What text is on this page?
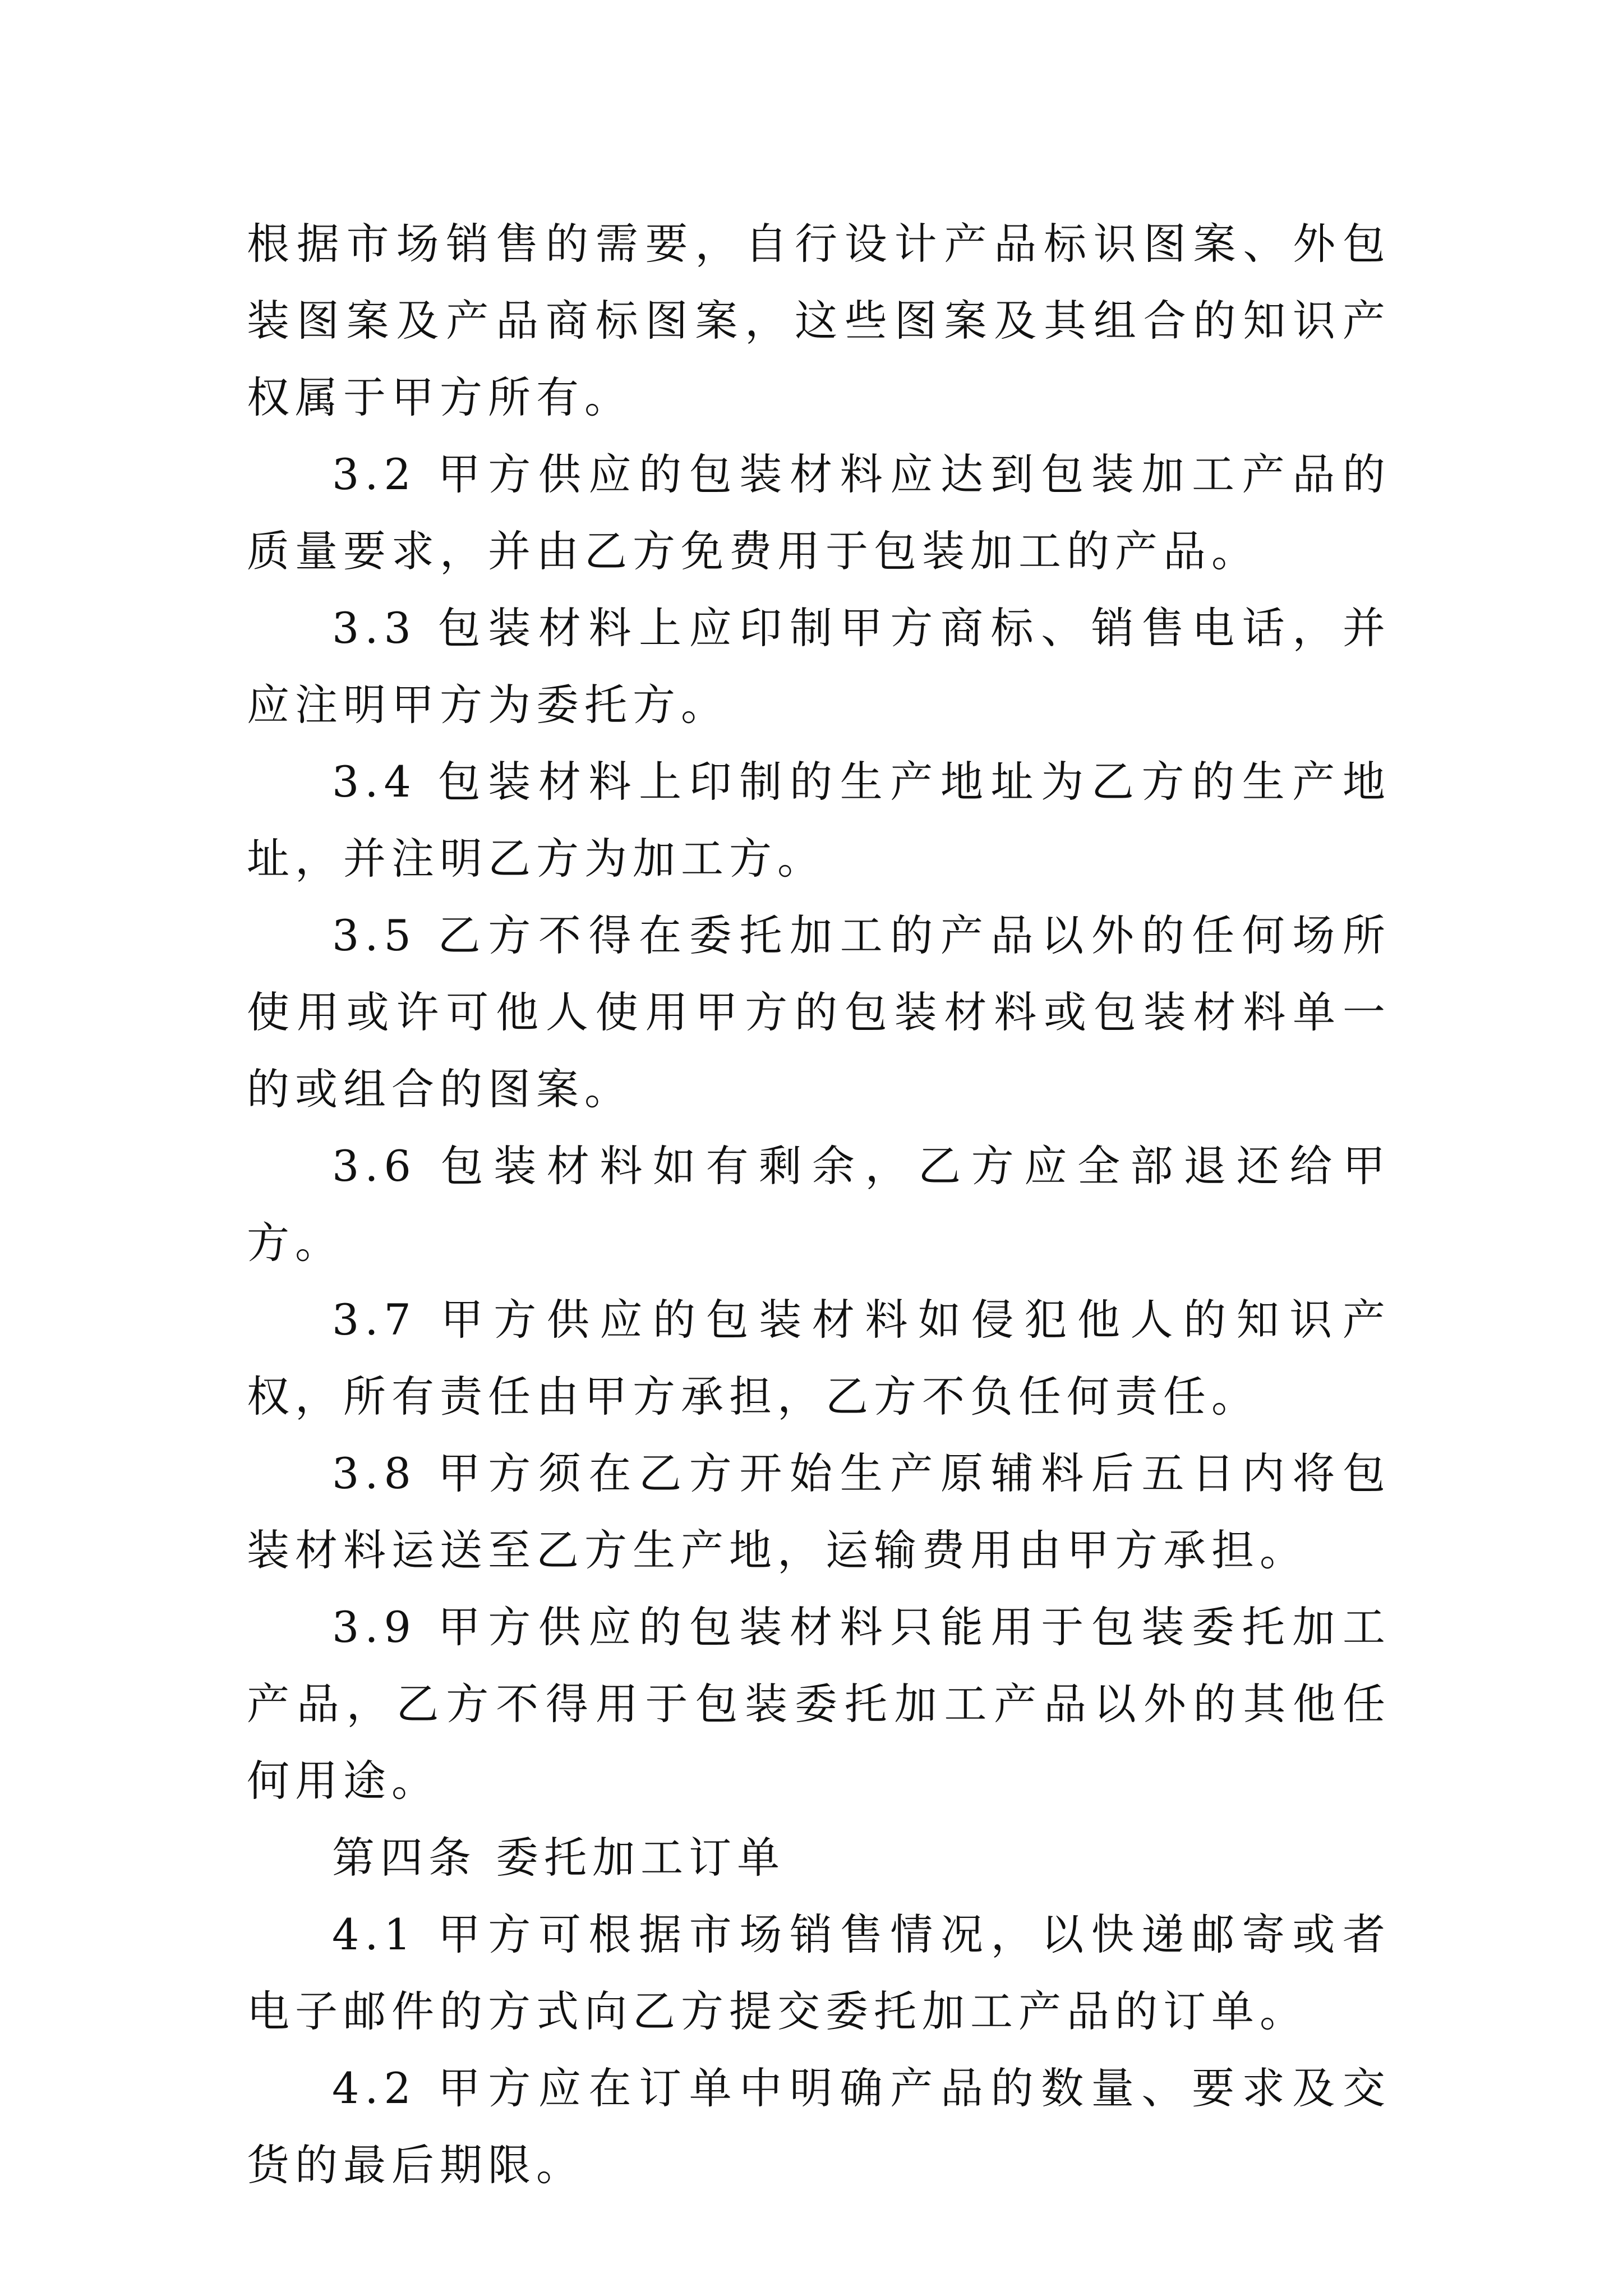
根据市场销售的需要，自行设计产品标识图案、外包装图案及产品商标图案，这些图案及其组合的知识产权属于甲方所有。

3.2 甲方供应的包装材料应达到包装加工产品的质量要求，并由乙方免费用于包装加工的产品。

3.3 包装材料上应印制甲方商标、销售电话，并应注明甲方为委托方。

3.4 包装材料上印制的生产地址为乙方的生产地址，并注明乙方为加工方。

3.5 乙方不得在委托加工的产品以外的任何场所使用或许可他人使用甲方的包装材料或包装材料单一的或组合的图案。

3.6 包装材料如有剩余，乙方应全部退还给甲方。

3.7 甲方供应的包装材料如侵犯他人的知识产权，所有责任由甲方承担，乙方不负任何责任。

3.8 甲方须在乙方开始生产原辅料后五日内将包装材料运送至乙方生产地，运输费用由甲方承担。

3.9 甲方供应的包装材料只能用于包装委托加工产品，乙方不得用于包装委托加工产品以外的其他任何用途。

第四条 委托加工订单

4.1 甲方可根据市场销售情况，以快递邮寄或者电子邮件的方式向乙方提交委托加工产品的订单。

4.2 甲方应在订单中明确产品的数量、要求及交货的最后期限。
